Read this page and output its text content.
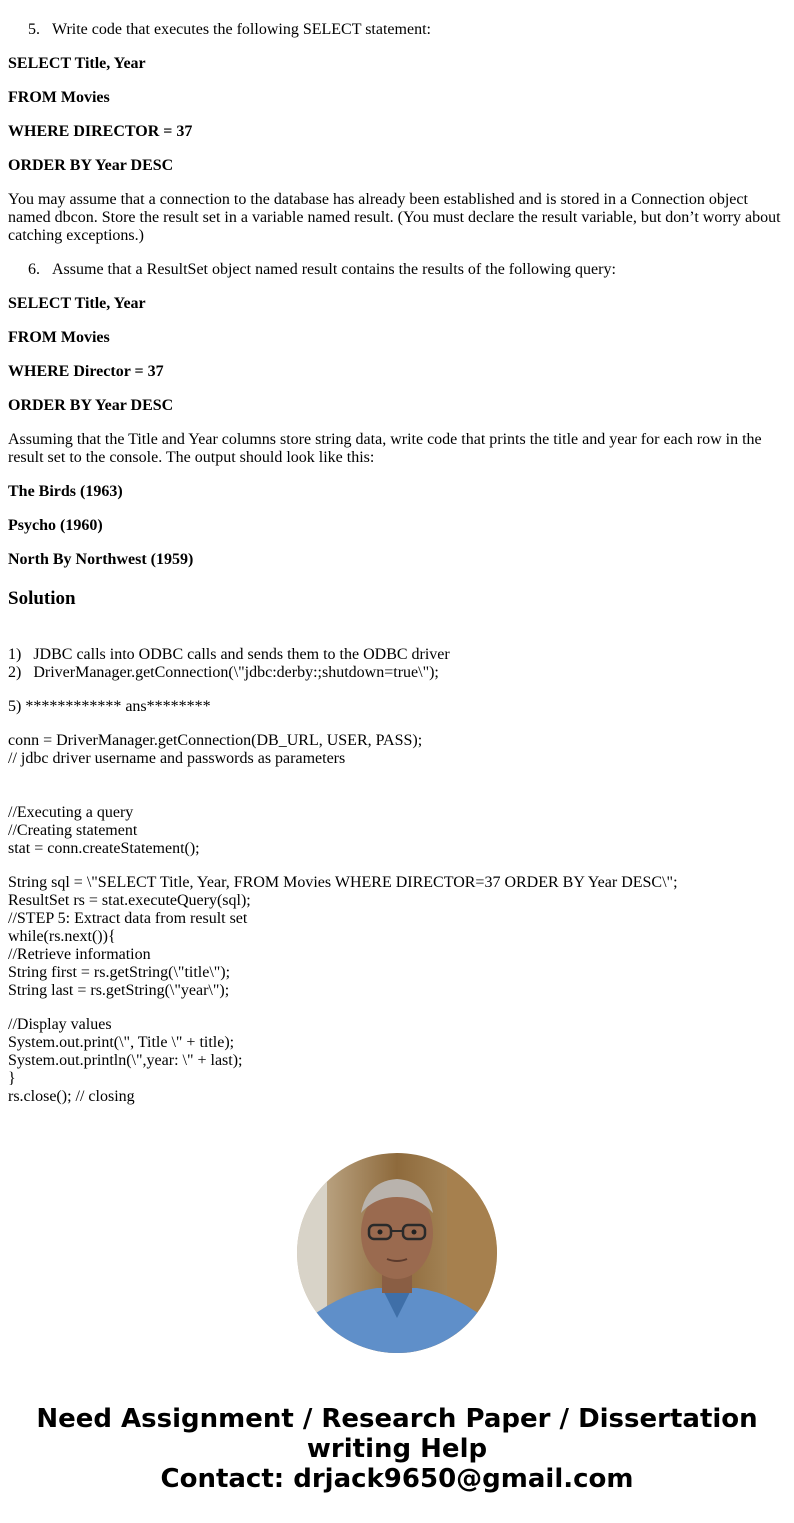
5. Write code that executes the following SELECT statement:

SELECT Title, Year

FROM Movies

WHERE DIRECTOR = 37

ORDER BY Year DESC

You may assume that a connection to the database has already been established and is stored in a Connection object named dbcon. Store the result set in a variable named result. (You must declare the result variable, but don’t worry about catching exceptions.)

6. Assume that a ResultSet object named result contains the results of the following query:

SELECT Title, Year

FROM Movies

WHERE Director = 37

ORDER BY Year DESC

Assuming that the Title and Year columns store string data, write code that prints the title and year for each row in the result set to the console. The output should look like this:

The Birds (1963)

Psycho (1960)

North By Northwest (1959)

Solution
1)   JDBC calls into ODBC calls and sends them to the ODBC driver
2)   DriverManager.getConnection(\"jdbc:derby:;shutdown=true\");
5) ************ ans********
conn = DriverManager.getConnection(DB_URL, USER, PASS);
// jdbc driver username and passwords as parameters
//Executing a query
//Creating statement
stat = conn.createStatement();
String sql = \"SELECT Title, Year, FROM Movies WHERE DIRECTOR=37 ORDER BY Year DESC\";
ResultSet rs = stat.executeQuery(sql);
//STEP 5: Extract data from result set
while(rs.next()){
//Retrieve information
String first = rs.getString(\"title\");
String last = rs.getString(\"year\");
//Display values
System.out.print(\", Title \" + title);
System.out.println(\",year: \" + last);
}
rs.close(); // closing
Need Assignment / Research Paper / Dissertation
writing Help
Contact: drjack9650@gmail.com
